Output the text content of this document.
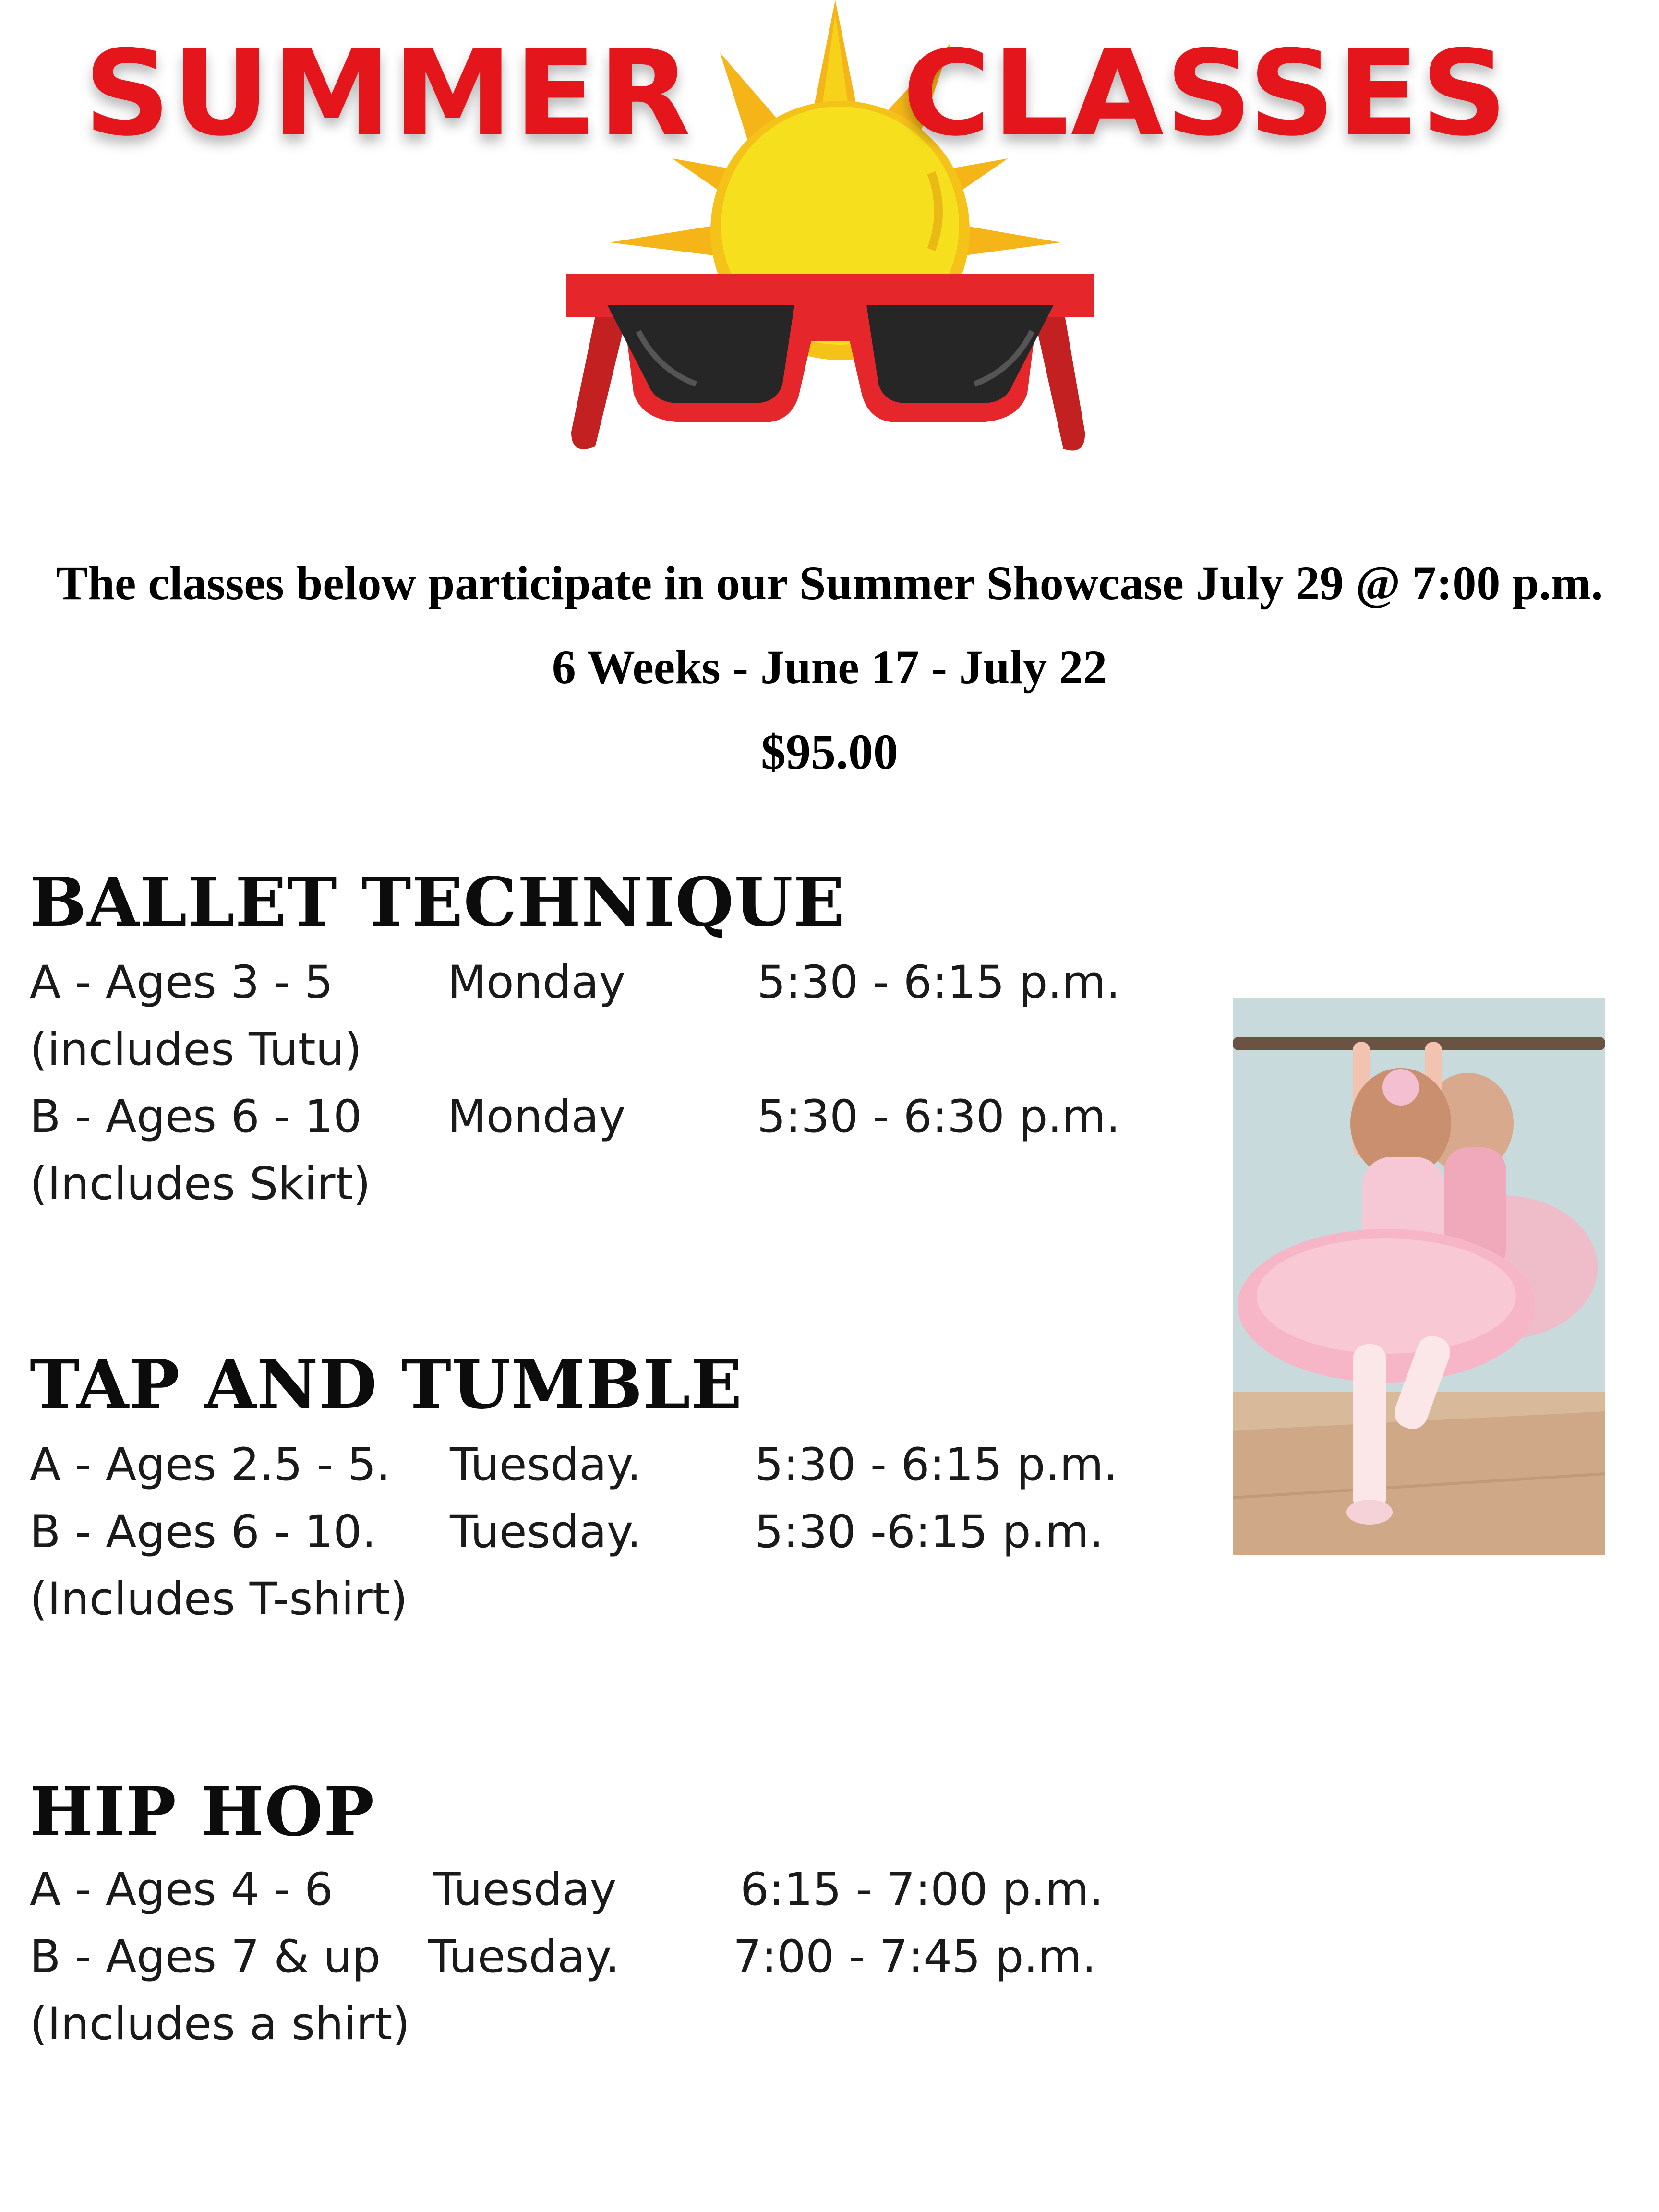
SUMMER CLASSES
The classes below participate in our Summer Showcase July 29 @ 7:00 p.m.
6 Weeks - June 17 - July 22
$95.00
BALLET TECHNIQUE
A - Ages 3 - 5	Monday	5:30 - 6:15 p.m.
(includes Tutu)
B - Ages 6 - 10 Monday	5:30 - 6:30 p.m.
(Includes Skirt)
TAP AND TUMBLE
A - Ages 2.5 - 5. Tuesday.	5:30 - 6:15 p.m.
B - Ages 6 - 10. Tuesday.	5:30 -6:15 p.m.
(Includes T-shirt)
HIP HOP
A - Ages 4 - 6 Tuesday	6:15 - 7:00 p.m.
B - Ages 7 & up Tuesday.	7:00 - 7:45 p.m.
(Includes a shirt)
